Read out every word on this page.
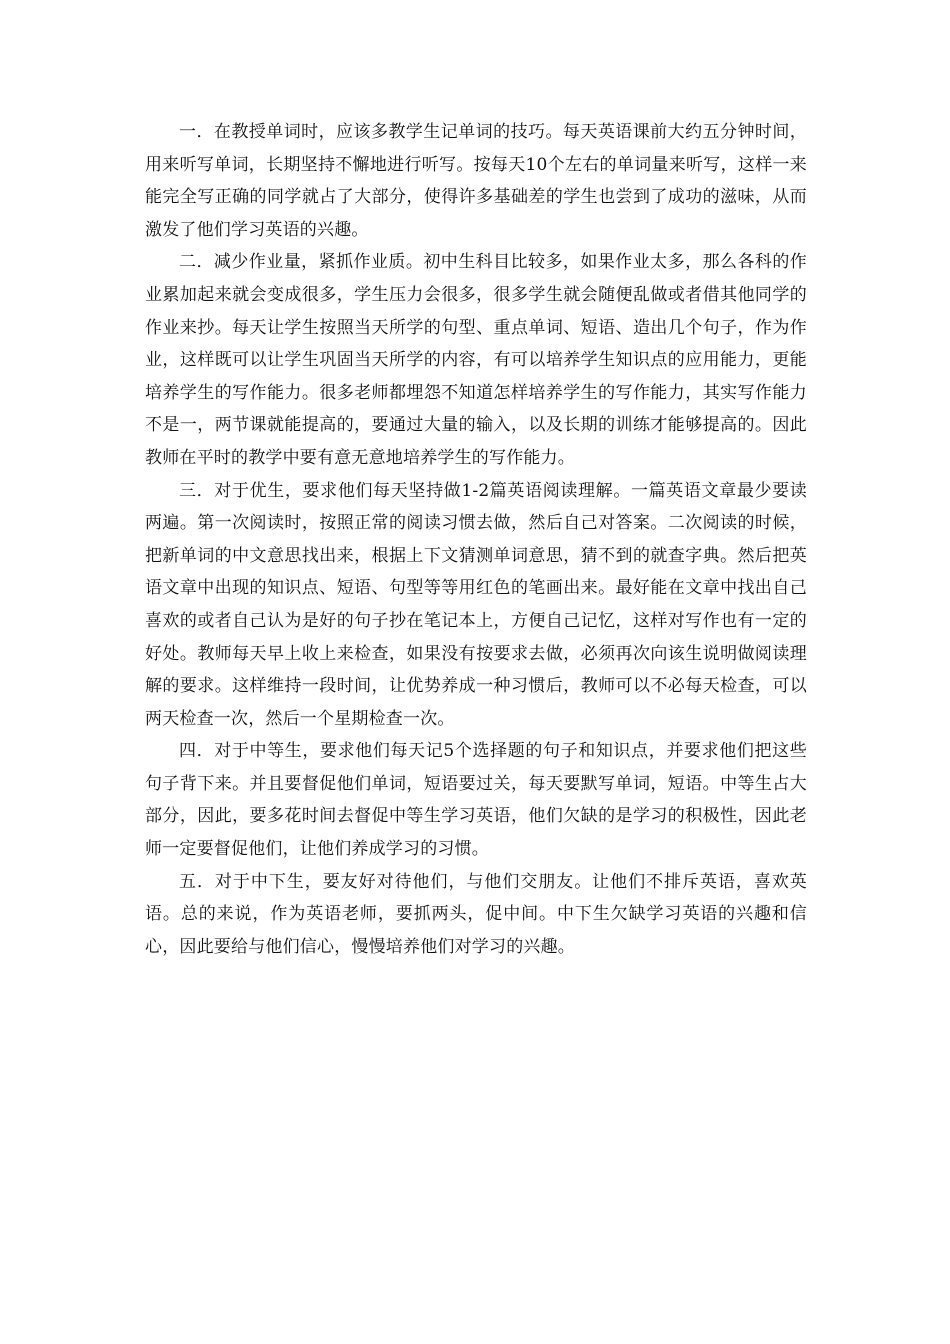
一．在教授单词时，应该多教学生记单词的技巧。每天英语课前大约五分钟时间，用来听写单词，长期坚持不懈地进行听写。按每天10个左右的单词量来听写，这样一来能完全写正确的同学就占了大部分，使得许多基础差的学生也尝到了成功的滋味，从而激发了他们学习英语的兴趣。

二．减少作业量，紧抓作业质。初中生科目比较多，如果作业太多，那么各科的作业累加起来就会变成很多，学生压力会很多，很多学生就会随便乱做或者借其他同学的作业来抄。每天让学生按照当天所学的句型、重点单词、短语、造出几个句子，作为作业，这样既可以让学生巩固当天所学的内容，有可以培养学生知识点的应用能力，更能培养学生的写作能力。很多老师都埋怨不知道怎样培养学生的写作能力，其实写作能力不是一，两节课就能提高的，要通过大量的输入，以及长期的训练才能够提高的。因此教师在平时的教学中要有意无意地培养学生的写作能力。

三．对于优生，要求他们每天坚持做1-2篇英语阅读理解。一篇英语文章最少要读两遍。第一次阅读时，按照正常的阅读习惯去做，然后自己对答案。二次阅读的时候，把新单词的中文意思找出来，根据上下文猜测单词意思，猜不到的就查字典。然后把英语文章中出现的知识点、短语、句型等等用红色的笔画出来。最好能在文章中找出自己喜欢的或者自己认为是好的句子抄在笔记本上，方便自己记忆，这样对写作也有一定的好处。教师每天早上收上来检查，如果没有按要求去做，必须再次向该生说明做阅读理解的要求。这样维持一段时间，让优势养成一种习惯后，教师可以不必每天检查，可以两天检查一次，然后一个星期检查一次。

四．对于中等生，要求他们每天记5个选择题的句子和知识点，并要求他们把这些句子背下来。并且要督促他们单词，短语要过关，每天要默写单词，短语。中等生占大部分，因此，要多花时间去督促中等生学习英语，他们欠缺的是学习的积极性，因此老师一定要督促他们，让他们养成学习的习惯。

五．对于中下生，要友好对待他们，与他们交朋友。让他们不排斥英语，喜欢英语。总的来说，作为英语老师，要抓两头，促中间。中下生欠缺学习英语的兴趣和信心，因此要给与他们信心，慢慢培养他们对学习的兴趣。
